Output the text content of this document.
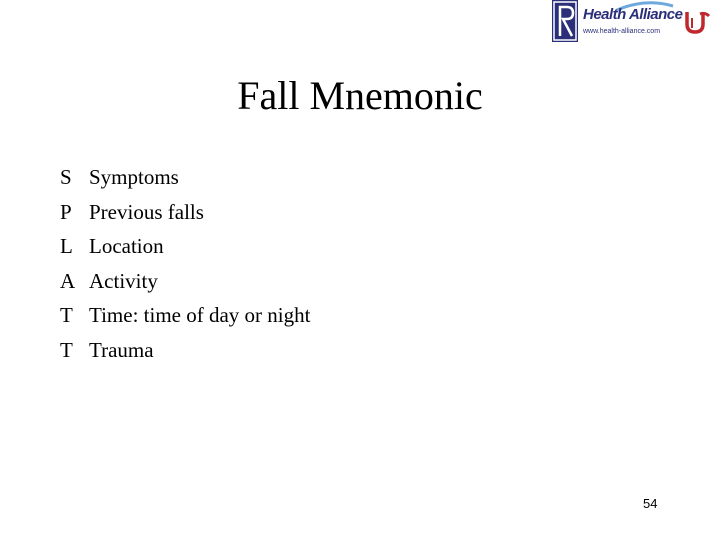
Health Alliance
www.health-alliance.com
Fall Mnemonic
S Symptoms
P Previous falls
L Location
A Activity
T Time: time of day or night
T Trauma
54
